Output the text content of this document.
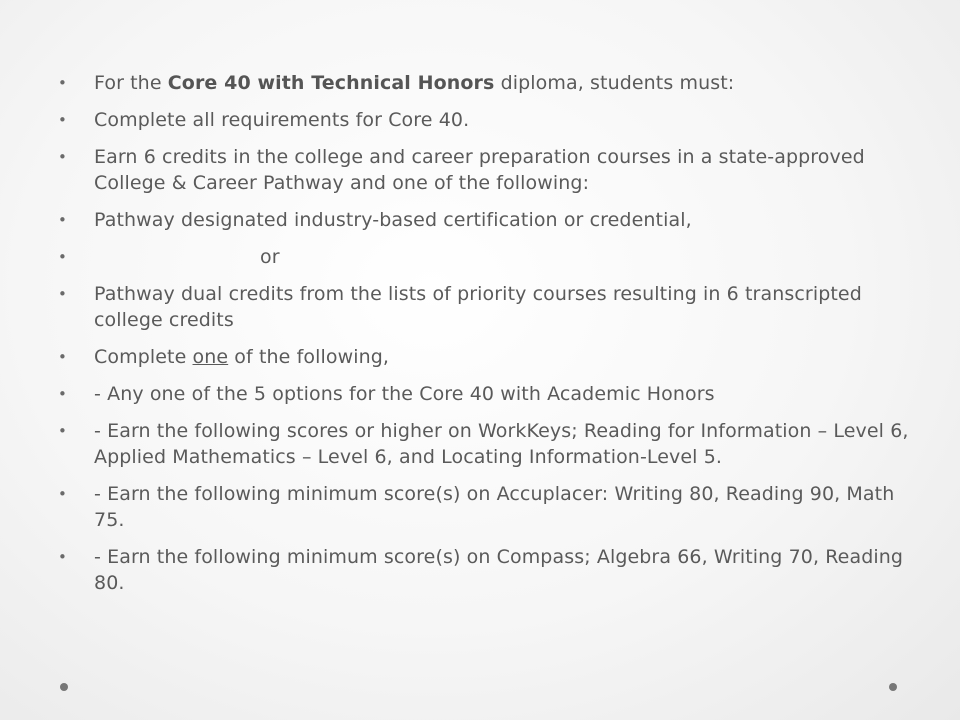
• For the Core 40 with Technical Honors diploma, students must:
• Complete all requirements for Core 40.
• Earn 6 credits in the college and career preparation courses in a state-approved College & Career Pathway and one of the following:
• Pathway designated industry-based certification or credential,
•	or
• Pathway dual credits from the lists of priority courses resulting in 6 transcripted college credits
• Complete one of the following,
• - Any one of the 5 options for the Core 40 with Academic Honors
• - Earn the following scores or higher on WorkKeys; Reading for Information – Level 6, Applied Mathematics – Level 6, and Locating Information-Level 5.
• - Earn the following minimum score(s) on Accuplacer: Writing 80, Reading 90, Math 75.
• - Earn the following minimum score(s) on Compass; Algebra 66, Writing 70, Reading 80.
